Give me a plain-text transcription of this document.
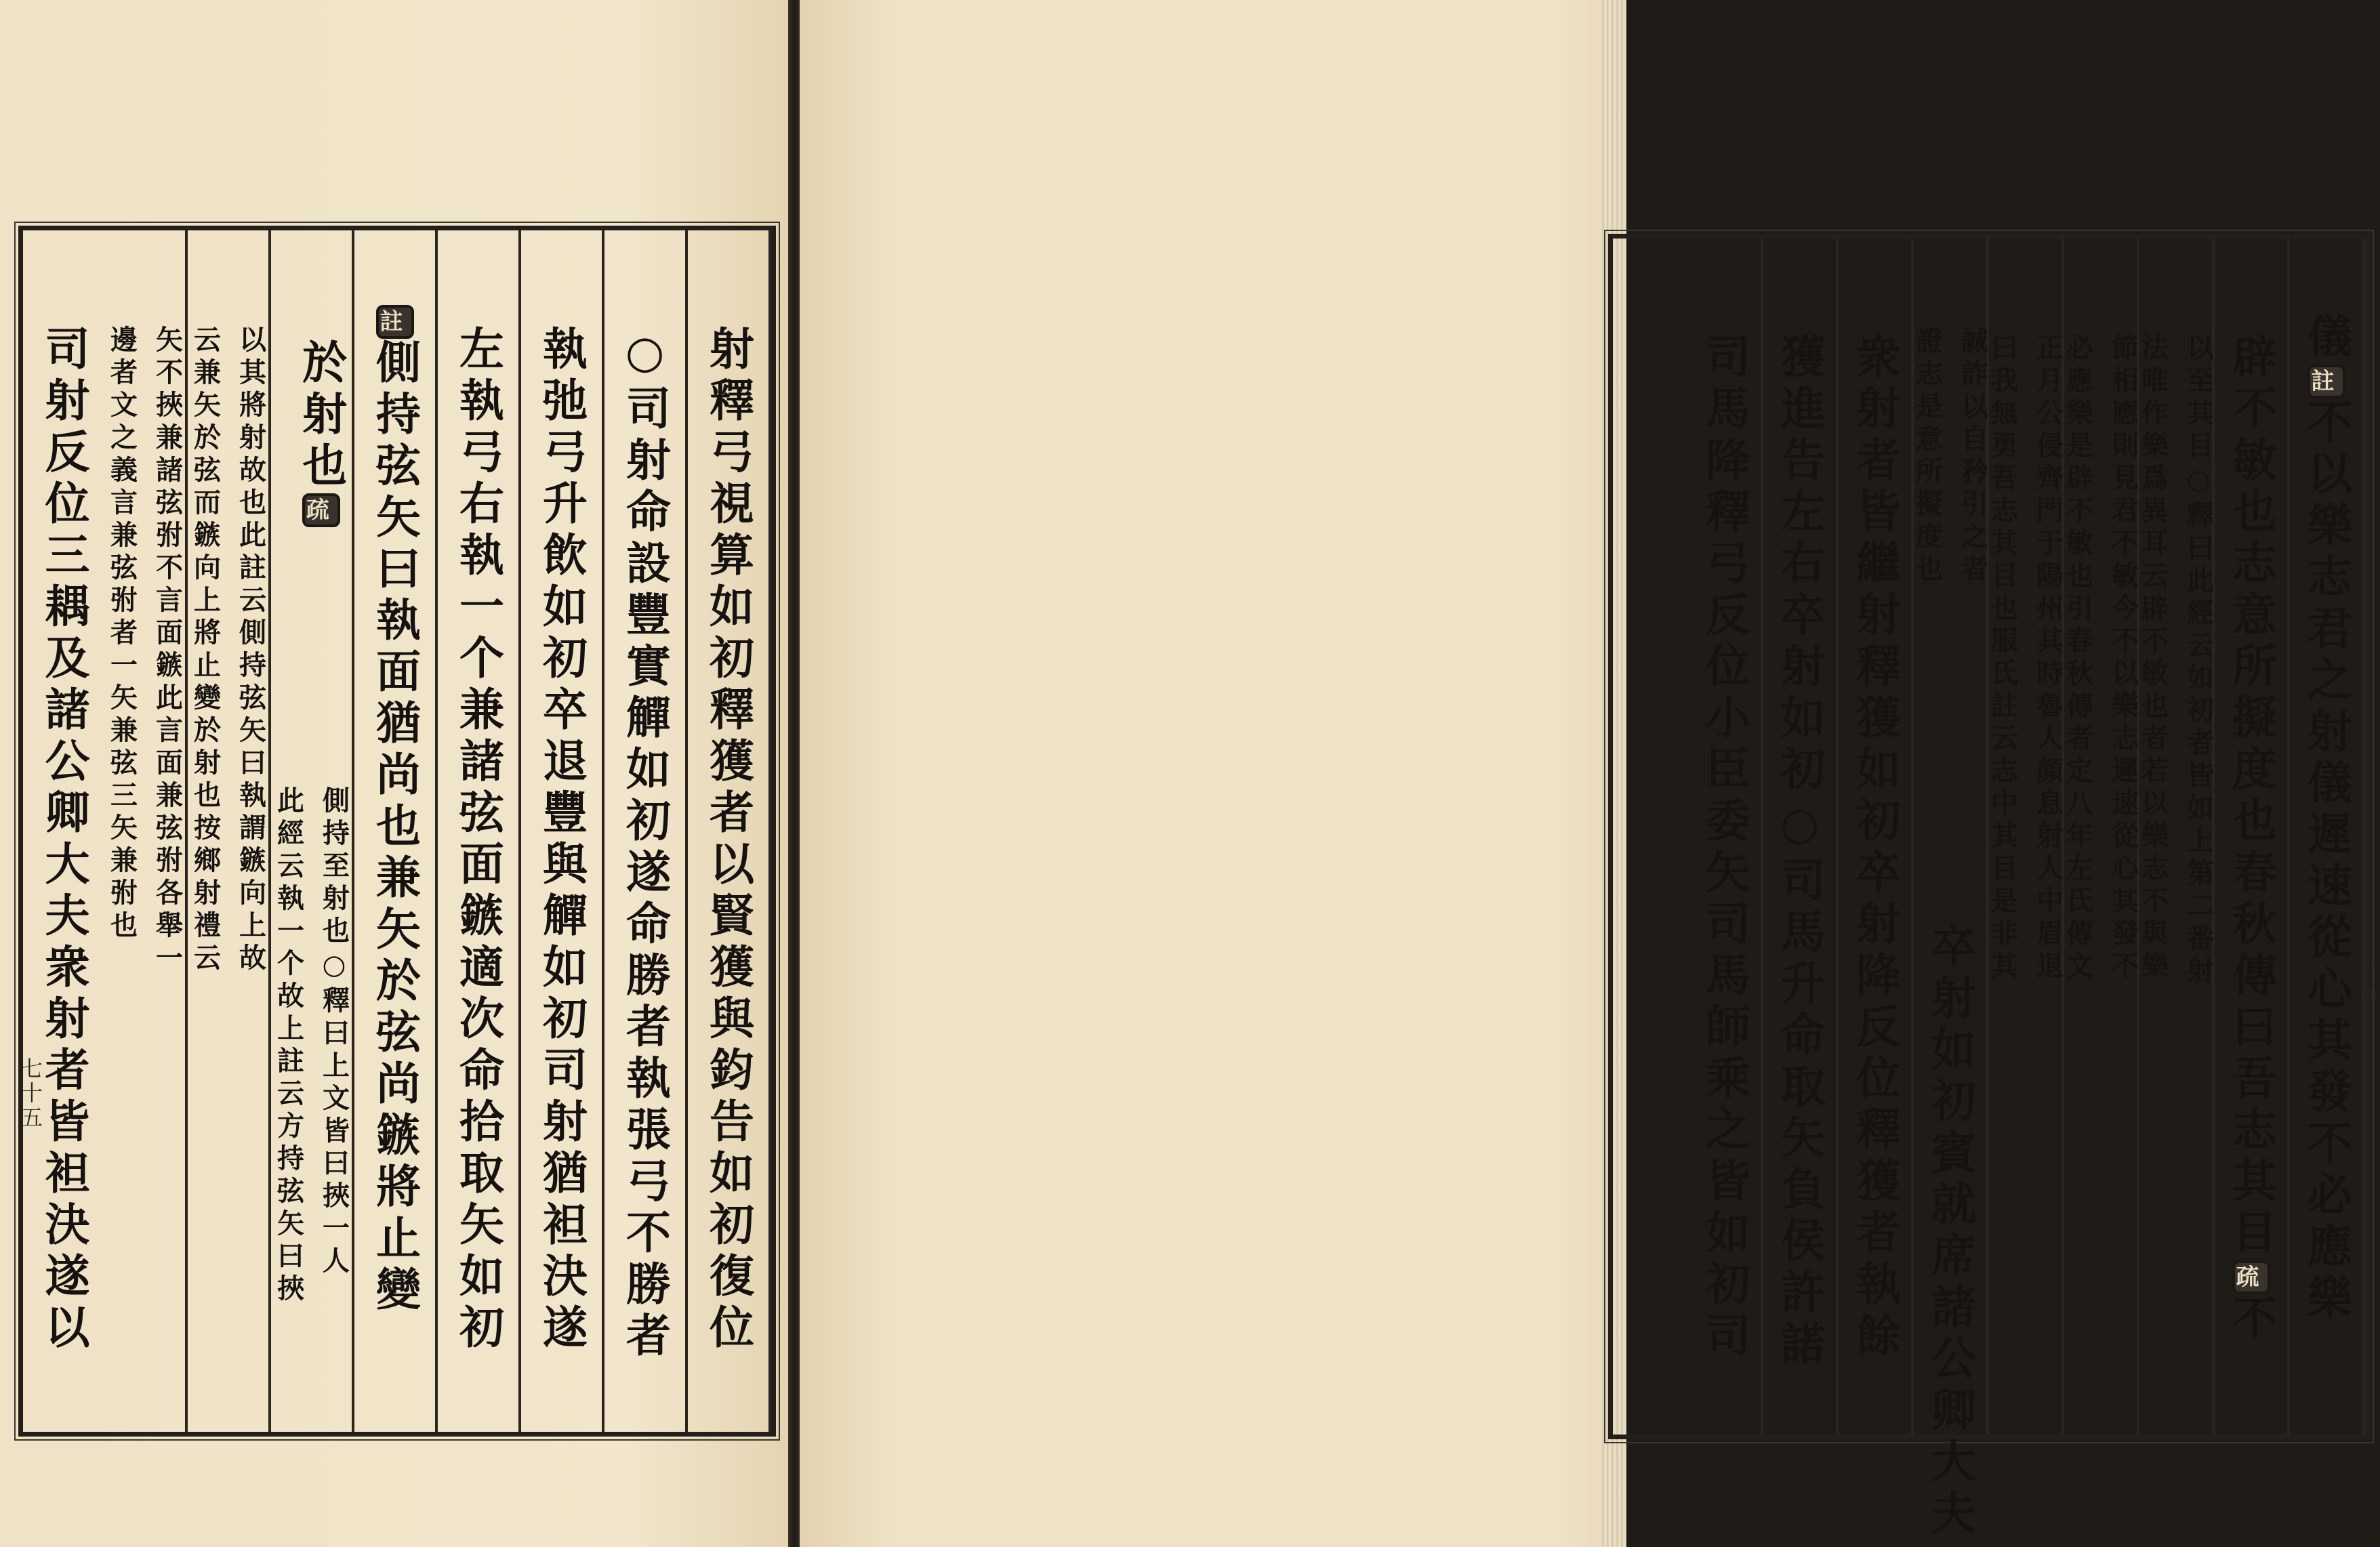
七十五	射釋弓視算如初釋獲者以賢獲與鈞告如初復位
○司射命設豐實觶如初遂命勝者執張弓不勝者
執弛弓升飲如初卒退豐與觶如初司射猶袒決遂
左執弓右執一个兼諸弦面鏃適次命拾取矢如初
註側持弦矢曰執面猶尚也兼矢於弦尚鏃將止變
於射也疏
側持至射也○釋曰上文皆曰挾一人
此經云執一个故上註云方持弦矢曰挾
以其將射故也此註云側持弦矢曰執謂鏃向上故
云兼矢於弦而鏃向上將止變於射也按鄉射禮云
矢不挾兼諸弦弣不言面鏃此言面兼弦弣各舉一
邊者文之義言兼弦弣者一矢兼弦三矢兼弣也
司射反位三耦及諸公卿大夫衆射者皆袒決遂以	大射儀
儀註不以樂志君之射儀遲速從心其發不必應樂
辟不敏也志意所擬度也春秋傳曰吾志其目疏不
以至其目○釋曰此經云如初者皆如上第二番射
法唯作樂爲異耳云辟不敏也者若以樂志不與樂
節相應則見君不敏今不以樂志遲速從心其發不
必應樂是辟不敏也引春秋傳者定八年左氏傳文
正月公侵齊門于陽州其時魯人顔息射人中眉退
曰我無勇吾志其目也服氏註云志中其目是非其
誠詐以自矜引之者
證志是意所擬度也
卒射如初賓就席諸公卿大夫
衆射者皆繼射釋獲如初卒射降反位釋獲者執餘
獲進告左右卒射如初○司馬升命取矢負侯許諾
司馬降釋弓反位小臣委矢司馬師乘之皆如初司
